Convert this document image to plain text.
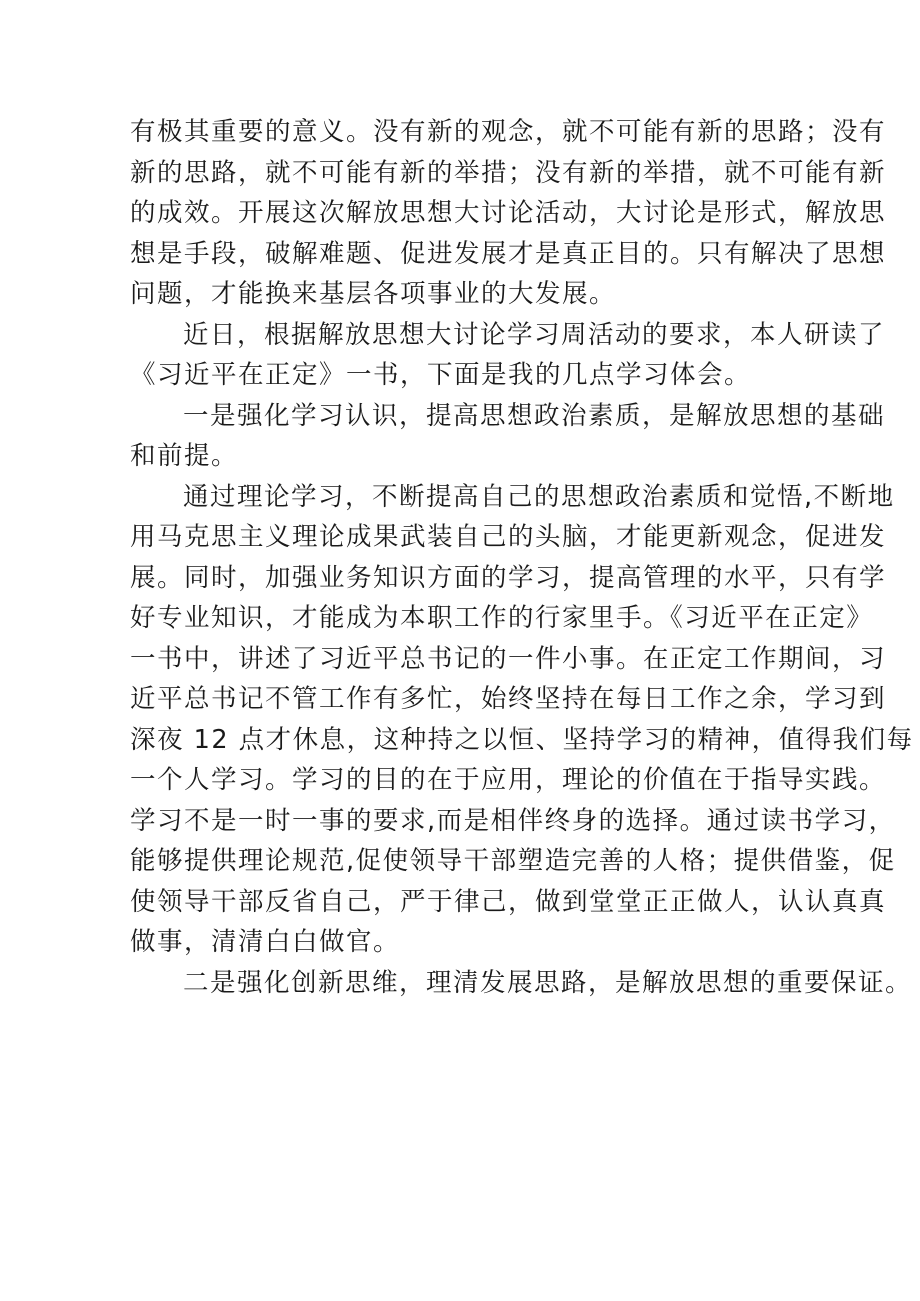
有极其重要的意义。没有新的观念，就不可能有新的思路；没有
新的思路，就不可能有新的举措；没有新的举措，就不可能有新
的成效。开展这次解放思想大讨论活动，大讨论是形式，解放思
想是手段，破解难题、促进发展才是真正目的。只有解决了思想
问题，才能换来基层各项事业的大发展。
近日，根据解放思想大讨论学习周活动的要求，本人研读了
《习近平在正定》一书，下面是我的几点学习体会。
一是强化学习认识，提高思想政治素质，是解放思想的基础
和前提。
通过理论学习，不断提高自己的思想政治素质和觉悟,不断地
用马克思主义理论成果武装自己的头脑，才能更新观念，促进发
展。同时，加强业务知识方面的学习，提高管理的水平，只有学
好专业知识，才能成为本职工作的行家里手。《习近平在正定》
一书中，讲述了习近平总书记的一件小事。在正定工作期间，习
近平总书记不管工作有多忙，始终坚持在每日工作之余，学习到
深夜 12 点才休息，这种持之以恒、坚持学习的精神，值得我们每
一个人学习。学习的目的在于应用，理论的价值在于指导实践。
学习不是一时一事的要求,而是相伴终身的选择。通过读书学习，
能够提供理论规范,促使领导干部塑造完善的人格；提供借鉴，促
使领导干部反省自己，严于律己，做到堂堂正正做人，认认真真
做事，清清白白做官。
二是强化创新思维，理清发展思路，是解放思想的重要保证。
